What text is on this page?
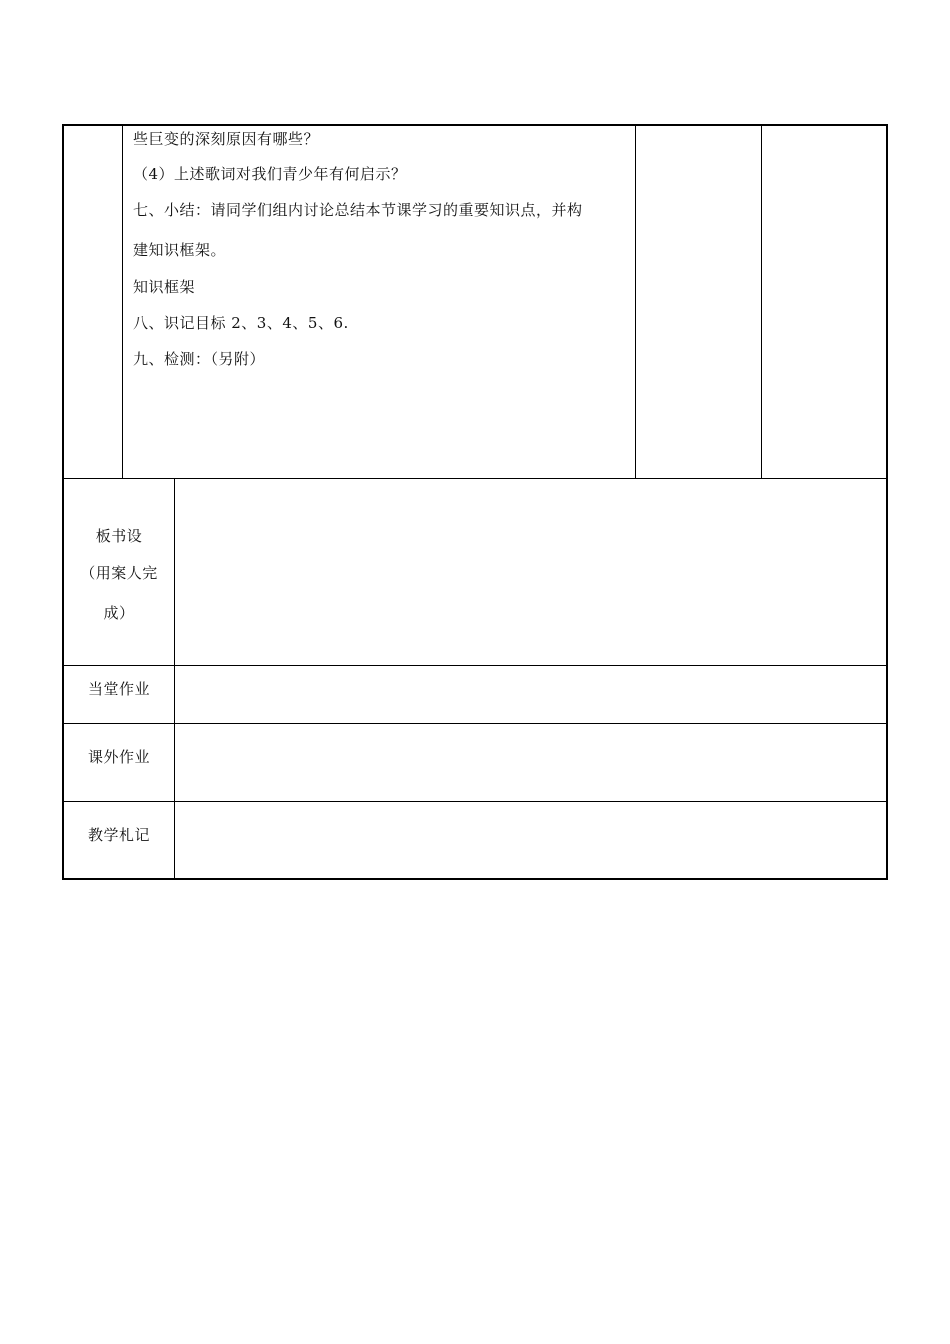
些巨变的深刻原因有哪些？
（4）上述歌词对我们青少年有何启示？
七、小结：请同学们组内讨论总结本节课学习的重要知识点，并构
建知识框架。
知识框架
八、识记目标 2、3、4、5、6.
九、检测：（另附）
板书设
（用案人完
成）
当堂作业
课外作业
教学札记
